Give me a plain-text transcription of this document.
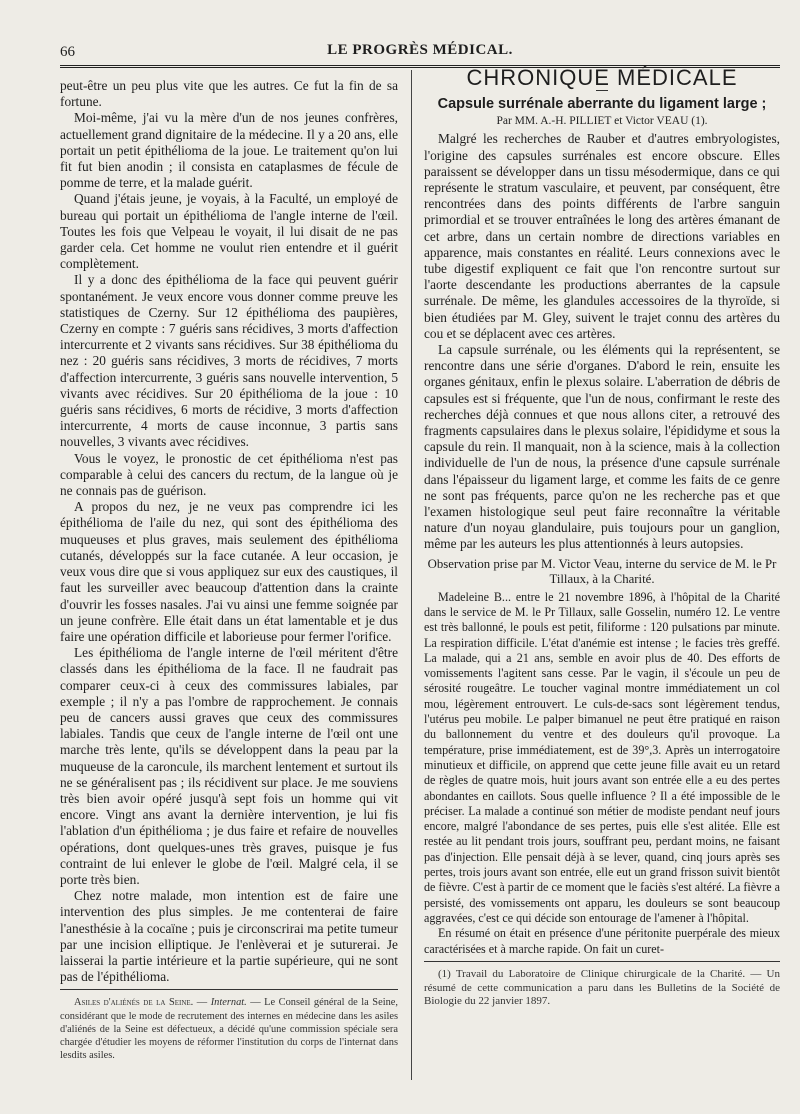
66	LE PROGRÈS MÉDICAL.

peut-être un peu plus vite que les autres. Ce fut la fin de sa fortune.

Moi-même, j'ai vu la mère d'un de nos jeunes confrères, actuellement grand dignitaire de la médecine. Il y a 20 ans, elle portait un petit épithélioma de la joue. Le traitement qu'on lui fit fut bien anodin ; il consista en cataplasmes de fécule de pomme de terre, et la malade guérit.

Quand j'étais jeune, je voyais, à la Faculté, un employé de bureau qui portait un épithélioma de l'angle interne de l'œil. Toutes les fois que Velpeau le voyait, il lui disait de ne pas garder cela. Cet homme ne voulut rien entendre et il guérit complètement.

Il y a donc des épithélioma de la face qui peuvent guérir spontanément. Je veux encore vous donner comme preuve les statistiques de Czerny. Sur 12 épithélioma des paupières, Czerny en compte : 7 guéris sans récidives, 3 morts d'affection intercurrente et 2 vivants sans récidives. Sur 38 épithélioma du nez : 20 guéris sans récidives, 3 morts de récidives, 7 morts d'affection intercurrente, 3 guéris sans nouvelle intervention, 5 vivants avec récidives. Sur 20 épithélioma de la joue : 10 guéris sans récidives, 6 morts de récidive, 3 morts d'affection intercurrente, 4 morts de cause inconnue, 3 partis sans nouvelles, 3 vivants avec récidives.

Vous le voyez, le pronostic de cet épithélioma n'est pas comparable à celui des cancers du rectum, de la langue où je ne connais pas de guérison.

A propos du nez, je ne veux pas comprendre ici les épithélioma de l'aile du nez, qui sont des épithélioma des muqueuses et plus graves, mais seulement des épithélioma cutanés, développés sur la face cutanée. A leur occasion, je veux vous dire que si vous appliquez sur eux des caustiques, il faut les surveiller avec beaucoup d'attention dans la crainte d'ouvrir les fosses nasales. J'ai vu ainsi une femme soignée par un jeune confrère. Elle était dans un état lamentable et je dus faire une opération difficile et laborieuse pour fermer l'orifice.

Les épithélioma de l'angle interne de l'œil méritent d'être classés dans les épithélioma de la face. Il ne faudrait pas comparer ceux-ci à ceux des commissures labiales, par exemple ; il n'y a pas l'ombre de rapprochement. Je connais peu de cancers aussi graves que ceux des commissures labiales. Tandis que ceux de l'angle interne de l'œil ont une marche très lente, qu'ils se développent dans la peau par la muqueuse de la caroncule, ils marchent lentement et surtout ils ne se généralisent pas ; ils récidivent sur place. Je me souviens très bien avoir opéré jusqu'à sept fois un homme qui vit encore. Vingt ans avant la dernière intervention, je lui fis l'ablation d'un épithélioma ; je dus faire et refaire de nouvelles opérations, dont quelques-unes très graves, puisque je fus contraint de lui enlever le globe de l'œil. Malgré cela, il se porte très bien.

Chez notre malade, mon intention est de faire une intervention des plus simples. Je me contenterai de faire l'anesthésie à la cocaïne ; puis je circonscrirai ma petite tumeur par une incision elliptique. Je l'enlèverai et je suturerai. Je laisserai la partie intérieure et la partie supérieure, qui ne sont pas de l'épithélioma.

Asiles d'aliénés de la Seine. — Internat. — Le Conseil général de la Seine, considérant que le mode de recrutement des internes en médecine dans les asiles d'aliénés de la Seine est défectueux, a décidé qu'une commission spéciale sera chargée d'étudier les moyens de réformer l'institution du corps de l'internat dans lesdits asiles.

CHRONIQUE MÉDICALE
Capsule surrénale aberrante du ligament large ;
Par MM. A.-H. PILLIET et Victor VEAU (1).

Malgré les recherches de Rauber et d'autres embryologistes, l'origine des capsules surrénales est encore obscure. Elles paraissent se développer dans un tissu mésodermique, dans ce qui représente le stratum vasculaire, et peuvent, par conséquent, être rencontrées dans des points différents de l'arbre sanguin primordial et se trouver entraînées le long des artères émanant de cet arbre, dans un certain nombre de directions variables en apparence, mais constantes en réalité. Leurs connexions avec le tube digestif expliquent ce fait que l'on rencontre surtout sur l'aorte descendante les productions aberrantes de la capsule surrénale. De même, les glandules accessoires de la thyroïde, si bien étudiées par M. Gley, suivent le trajet connu des artères du cou et se déplacent avec ces artères.

La capsule surrénale, ou les éléments qui la représentent, se rencontre dans une série d'organes. D'abord le rein, ensuite les organes génitaux, enfin le plexus solaire. L'aberration de débris de capsules est si fréquente, que l'un de nous, confirmant le reste des recherches déjà connues et que nous allons citer, a retrouvé des fragments capsulaires dans le plexus solaire, l'épididyme et sous la capsule du rein. Il manquait, non à la science, mais à la collection individuelle de l'un de nous, la présence d'une capsule surrénale dans l'épaisseur du ligament large, et comme les faits de ce genre ne sont pas fréquents, parce qu'on ne les recherche pas et que l'examen histologique seul peut faire reconnaître la véritable nature d'un noyau glandulaire, puis toujours pour un ganglion, même par les auteurs les plus attentionnés à leurs autopsies.

Observation prise par M. Victor Veau, interne du service de M. le Pr Tillaux, à la Charité.

Madeleine B... entre le 21 novembre 1896, à l'hôpital de la Charité dans le service de M. le Pr Tillaux, salle Gosselin, numéro 12. Le ventre est très ballonné, le pouls est petit, filiforme : 120 pulsations par minute. La respiration difficile. L'état d'anémie est intense ; le facies très greffé. La malade, qui a 21 ans, semble en avoir plus de 40. Des efforts de vomissements l'agitent sans cesse. Par le vagin, il s'écoule un peu de sérosité rougeâtre. Le toucher vaginal montre immédiatement un col mou, légèrement entrouvert. Le culs-de-sacs sont légèrement tendus, l'utérus peu mobile. Le palper bimanuel ne peut être pratiqué en raison du ballonnement du ventre et des douleurs qu'il provoque. La température, prise immédiatement, est de 39°,3. Après un interrogatoire minutieux et difficile, on apprend que cette jeune fille avait eu un retard de règles de quatre mois, huit jours avant son entrée elle a eu des pertes abondantes en caillots. Sous quelle influence ? Il a été impossible de le préciser. La malade a continué son métier de modiste pendant neuf jours encore, malgré l'abondance de ses pertes, puis elle s'est alitée. Elle est restée au lit pendant trois jours, souffrant peu, perdant moins, ne faisant pas d'injection. Elle pensait déjà à se lever, quand, cinq jours après ses pertes, trois jours avant son entrée, elle eut un grand frisson suivit bientôt de fièvre. C'est à partir de ce moment que le faciès s'est altéré. La fièvre a persisté, des vomissements ont apparu, les douleurs se sont beaucoup aggravées, c'est ce qui décide son entourage de l'amener à l'hôpital.

En résumé on était en présence d'une péritonite puerpérale des mieux caractérisées et à marche rapide. On fait un curet-

(1) Travail du Laboratoire de Clinique chirurgicale de la Charité. — Un résumé de cette communication a paru dans les Bulletins de la Société de Biologie du 22 janvier 1897.
